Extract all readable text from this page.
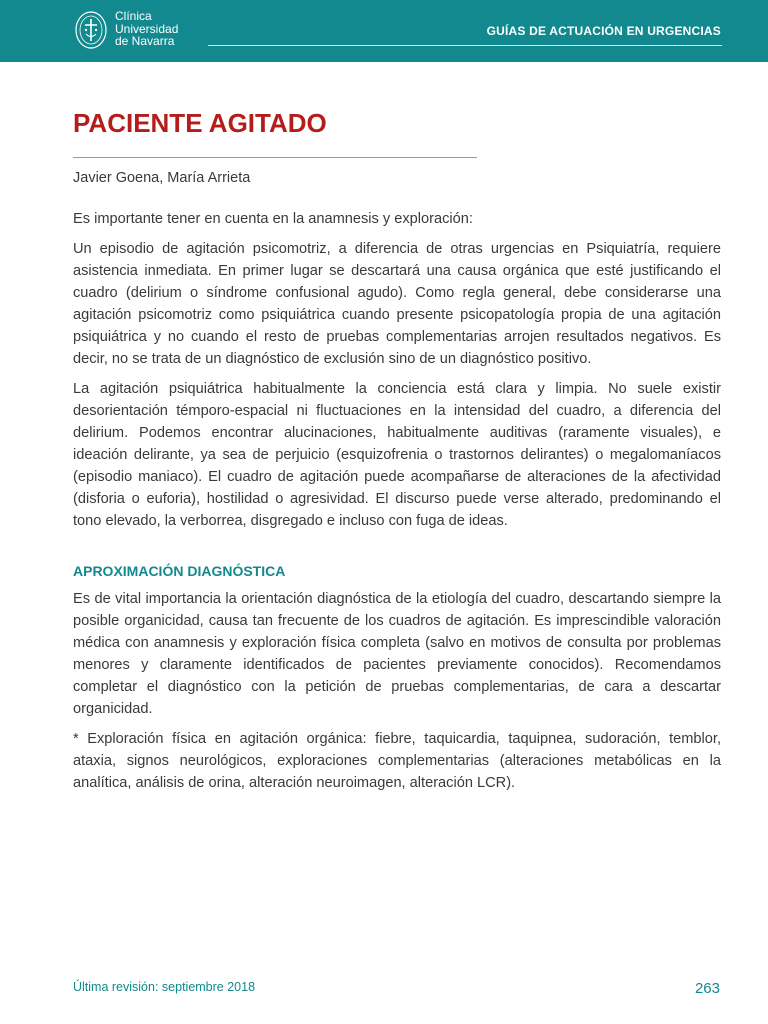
Clínica
Universidad
de Navarra
GUÍAS DE ACTUACIÓN EN URGENCIAS
PACIENTE AGITADO
Javier Goena, María Arrieta

Es importante tener en cuenta en la anamnesis y exploración:

Un episodio de agitación psicomotriz, a diferencia de otras urgencias en Psiquiatría, requiere asistencia inmediata. En primer lugar se descartará una causa orgánica que esté justificando el cuadro (delirium o síndrome confusional agudo). Como regla general, debe considerarse una agitación psicomotriz como psiquiátrica cuando presente psicopatología propia de una agitación psiquiátrica y no cuando el resto de pruebas complementarias arrojen resultados negativos. Es decir, no se trata de un diagnóstico de exclusión sino de un diagnóstico positivo.

La agitación psiquiátrica habitualmente la conciencia está clara y limpia. No suele existir desorientación témporo-espacial ni fluctuaciones en la intensidad del cuadro, a diferencia del delirium. Podemos encontrar alucinaciones, habitualmente auditivas (raramente visuales), e ideación delirante, ya sea de perjuicio (esquizofrenia o trastornos delirantes) o megalomaníacos (episodio maniaco). El cuadro de agitación puede acompañarse de alteraciones de la afectividad (disforia o euforia), hostilidad o agresividad. El discurso puede verse alterado, predominando el tono elevado, la verborrea, disgregado e incluso con fuga de ideas.

APROXIMACIÓN DIAGNÓSTICA

Es de vital importancia la orientación diagnóstica de la etiología del cuadro, descartando siempre la posible organicidad, causa tan frecuente de los cuadros de agitación. Es imprescindible valoración médica con anamnesis y exploración física completa (salvo en motivos de consulta por problemas menores y claramente identificados de pacientes previamente conocidos). Recomendamos completar el diagnóstico con la petición de pruebas complementarias, de cara a descartar organicidad.

* Exploración física en agitación orgánica: fiebre, taquicardia, taquipnea, sudoración, temblor, ataxia, signos neurológicos, exploraciones complementarias (alteraciones metabólicas en la analítica, análisis de orina, alteración neuroimagen, alteración LCR).

Última revisión: septiembre 2018	263
